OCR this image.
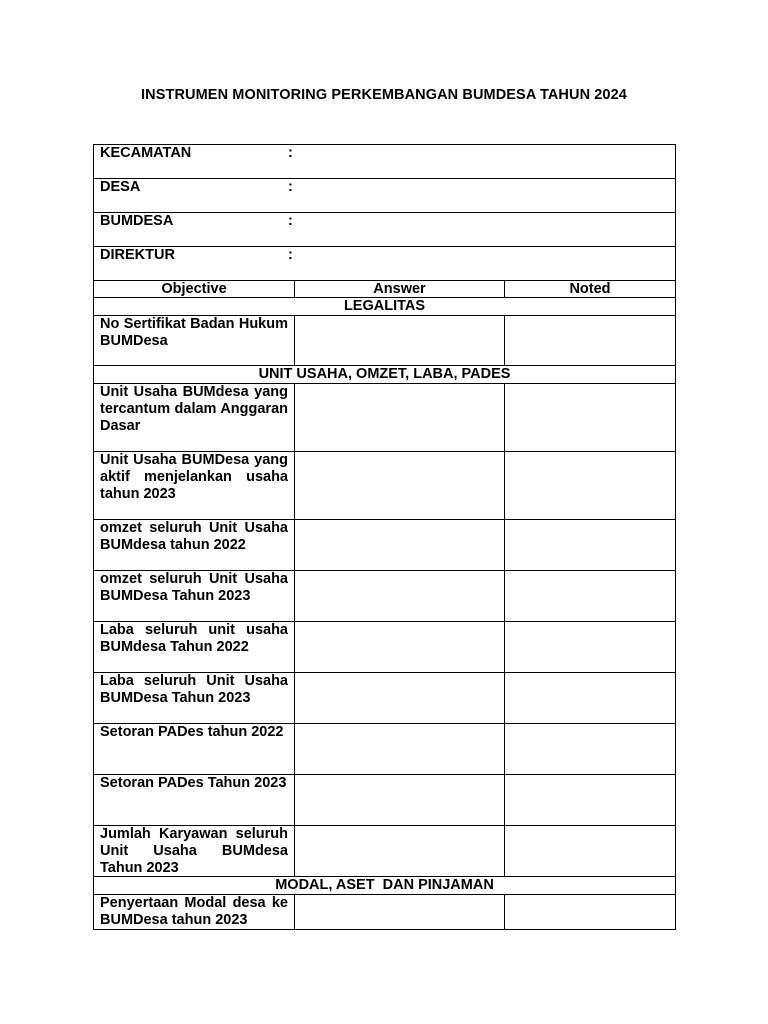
INSTRUMEN MONITORING PERKEMBANGAN BUMDESA TAHUN 2024
KECAMATAN :		
DESA :		
BUMDESA :		
DIREKTUR :		
Objective	Answer	Noted
LEGALITAS		
No Sertifikat Badan Hukum BUMDesa		
UNIT USAHA, OMZET, LABA, PADES		
Unit Usaha BUMdesa yang tercantum dalam Anggaran Dasar		
Unit Usaha BUMDesa yang aktif menjelankan usaha tahun 2023		
omzet seluruh Unit Usaha BUMdesa tahun 2022		
omzet seluruh Unit Usaha BUMDesa Tahun 2023		
Laba seluruh unit usaha BUMdesa Tahun 2022		
Laba seluruh Unit Usaha BUMDesa Tahun 2023		
Setoran PADes tahun 2022		
Setoran PADes Tahun 2023		
Jumlah Karyawan seluruh Unit Usaha BUMdesa Tahun 2023		
MODAL, ASET  DAN PINJAMAN		
Penyertaan Modal desa ke BUMDesa tahun 2023		
